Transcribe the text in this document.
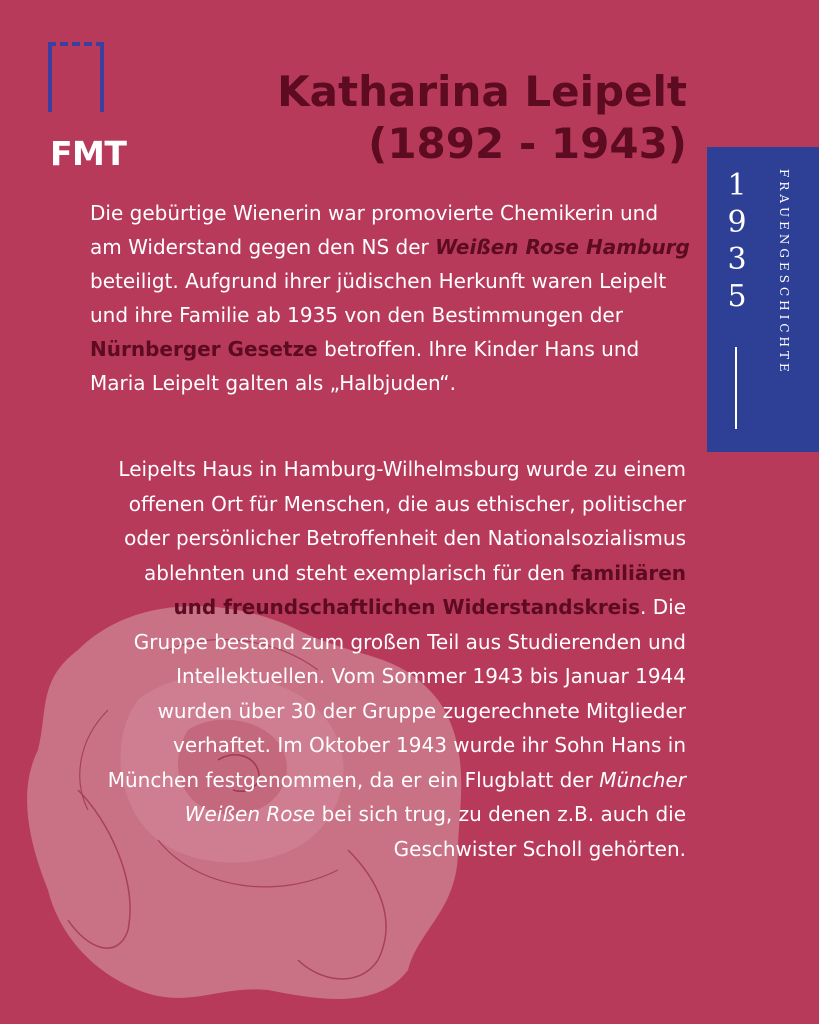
FMT
Katharina Leipelt
(1892 - 1943)
1
9
3
5	FRAUENGESCHICHTE
Die gebürtige Wienerin war promovierte Chemikerin und am Widerstand gegen den NS der Weißen Rose Hamburg beteiligt. Aufgrund ihrer jüdischen Herkunft waren Leipelt und ihre Familie ab 1935 von den Bestimmungen der Nürnberger Gesetze betroffen. Ihre Kinder Hans und Maria Leipelt galten als „Halbjuden“.
Leipelts Haus in Hamburg-Wilhelmsburg wurde zu einem offenen Ort für Menschen, die aus ethischer, politischer oder persönlicher Betroffenheit den Nationalsozialismus ablehnten und steht exemplarisch für den familiären und freundschaftlichen Widerstandskreis. Die Gruppe bestand zum großen Teil aus Studierenden und Intellektuellen. Vom Sommer 1943 bis Januar 1944 wurden über 30 der Gruppe zugerechnete Mitglieder verhaftet. Im Oktober 1943 wurde ihr Sohn Hans in München festgenommen, da er ein Flugblatt der Müncher Weißen Rose bei sich trug, zu denen z.B. auch die Geschwister Scholl gehörten.
